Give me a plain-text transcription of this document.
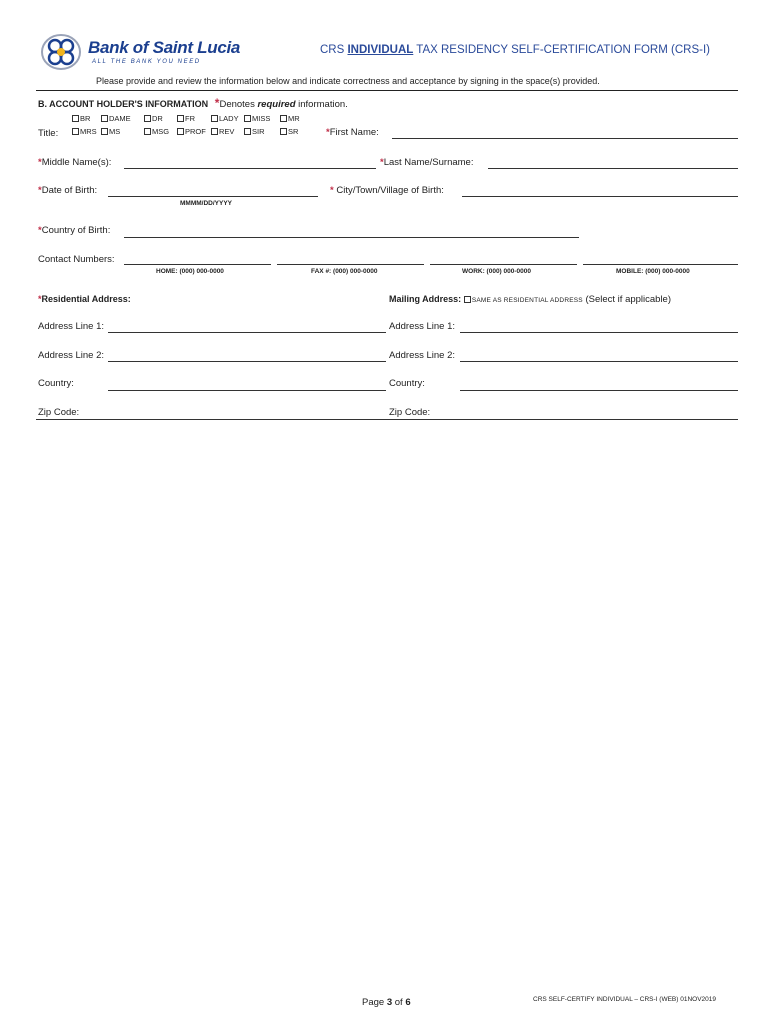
Bank of Saint Lucia
ALL THE BANK YOU NEED
CRS INDIVIDUAL TAX RESIDENCY SELF-CERTIFICATION FORM (CRS-I)
Please provide and review the information below and indicate correctness and acceptance by signing in the space(s) provided.
B. ACCOUNT HOLDER'S INFORMATION *Denotes required information.
Title:
BR	DAME	DR	FR	LADY	MISS	MR
MRS	MS	MSG	PROF	REV	SIR	SR	*First Name:
*Middle Name(s):	*Last Name/Surname:
*Date of Birth:
MMMM/DD/YYYY
* City/Town/Village of Birth:
*Country of Birth:
Contact Numbers:
HOME: (000) 000-0000	FAX #: (000) 000-0000	WORK: (000) 000-0000	MOBILE: (000) 000-0000
*Residential Address:	Mailing Address: SAME AS RESIDENTIAL ADDRESS (Select if applicable)
Address Line 1:	Address Line 1:
Address Line 2:	Address Line 2:
Country:	Country:
Zip Code:	Zip Code:
Page 3 of 6	CRS SELF-CERTIFY INDIVIDUAL – CRS-I (WEB) 01NOV2019
